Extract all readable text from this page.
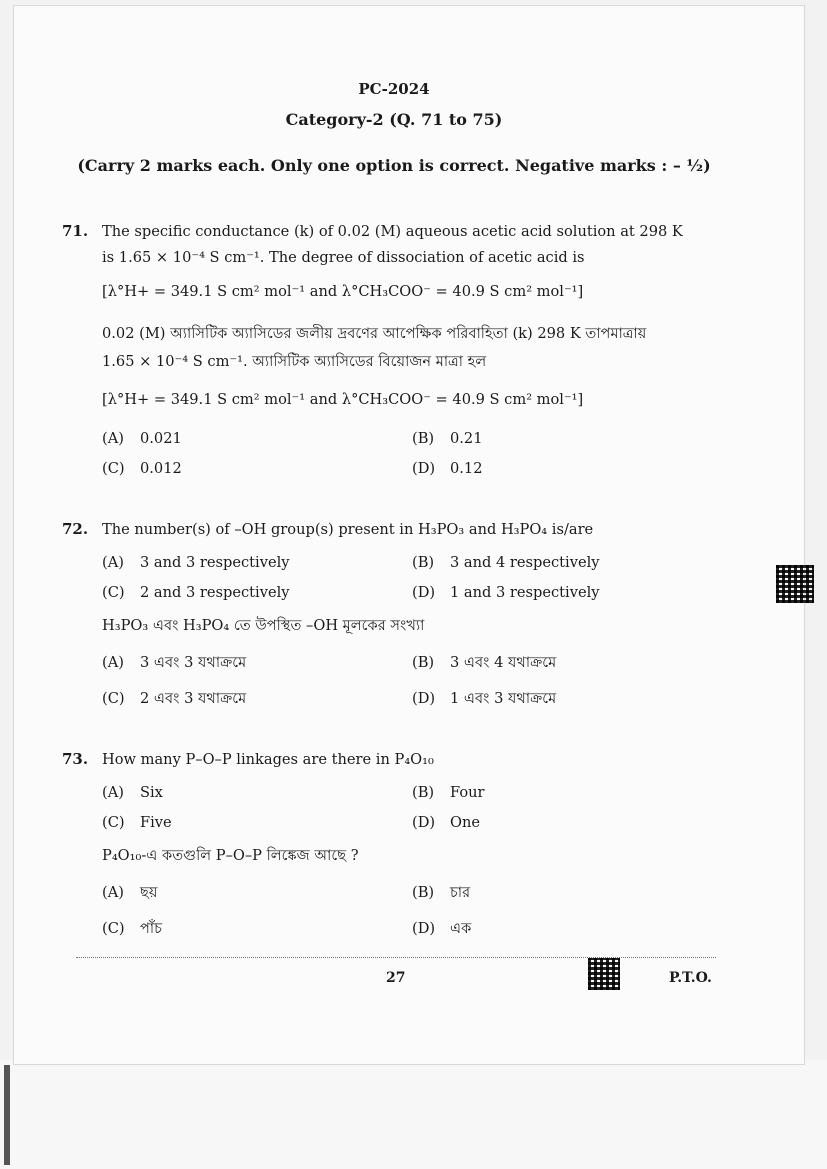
PC-2024
Category-2 (Q. 71 to 75)
(Carry 2 marks each. Only one option is correct. Negative marks : – ½)
71. The specific conductance (k) of 0.02 (M) aqueous acetic acid solution at 298 K
is 1.65 × 10⁻⁴ S cm⁻¹. The degree of dissociation of acetic acid is
[λ°H+ = 349.1 S cm² mol⁻¹ and λ°CH₃COO⁻ = 40.9 S cm² mol⁻¹]
0.02 (M) অ্যাসিটিক অ্যাসিডের জলীয় দ্রবণের আপেক্ষিক পরিবাহিতা (k) 298 K তাপমাত্রায়
1.65 × 10⁻⁴ S cm⁻¹. অ্যাসিটিক অ্যাসিডের বিয়োজন মাত্রা হল
[λ°H+ = 349.1 S cm² mol⁻¹ and λ°CH₃COO⁻ = 40.9 S cm² mol⁻¹]
(A) 0.021	(B) 0.21
(C) 0.012	(D) 0.12
72. The number(s) of –OH group(s) present in H₃PO₃ and H₃PO₄ is/are
(A) 3 and 3 respectively	(B) 3 and 4 respectively
(C) 2 and 3 respectively	(D) 1 and 3 respectively
H₃PO₃ এবং H₃PO₄ তে উপস্থিত –OH মূলকের সংখ্যা
(A) 3 এবং 3 যথাক্রমে	(B) 3 এবং 4 যথাক্রমে
(C) 2 এবং 3 যথাক্রমে	(D) 1 এবং 3 যথাক্রমে
73. How many P–O–P linkages are there in P₄O₁₀
(A) Six	(B) Four
(C) Five	(D) One
P₄O₁₀-এ কতগুলি P–O–P লিঙ্কেজ আছে ?
(A) ছয়	(B) চার
(C) পাঁচ	(D) এক
27	P.T.O.
